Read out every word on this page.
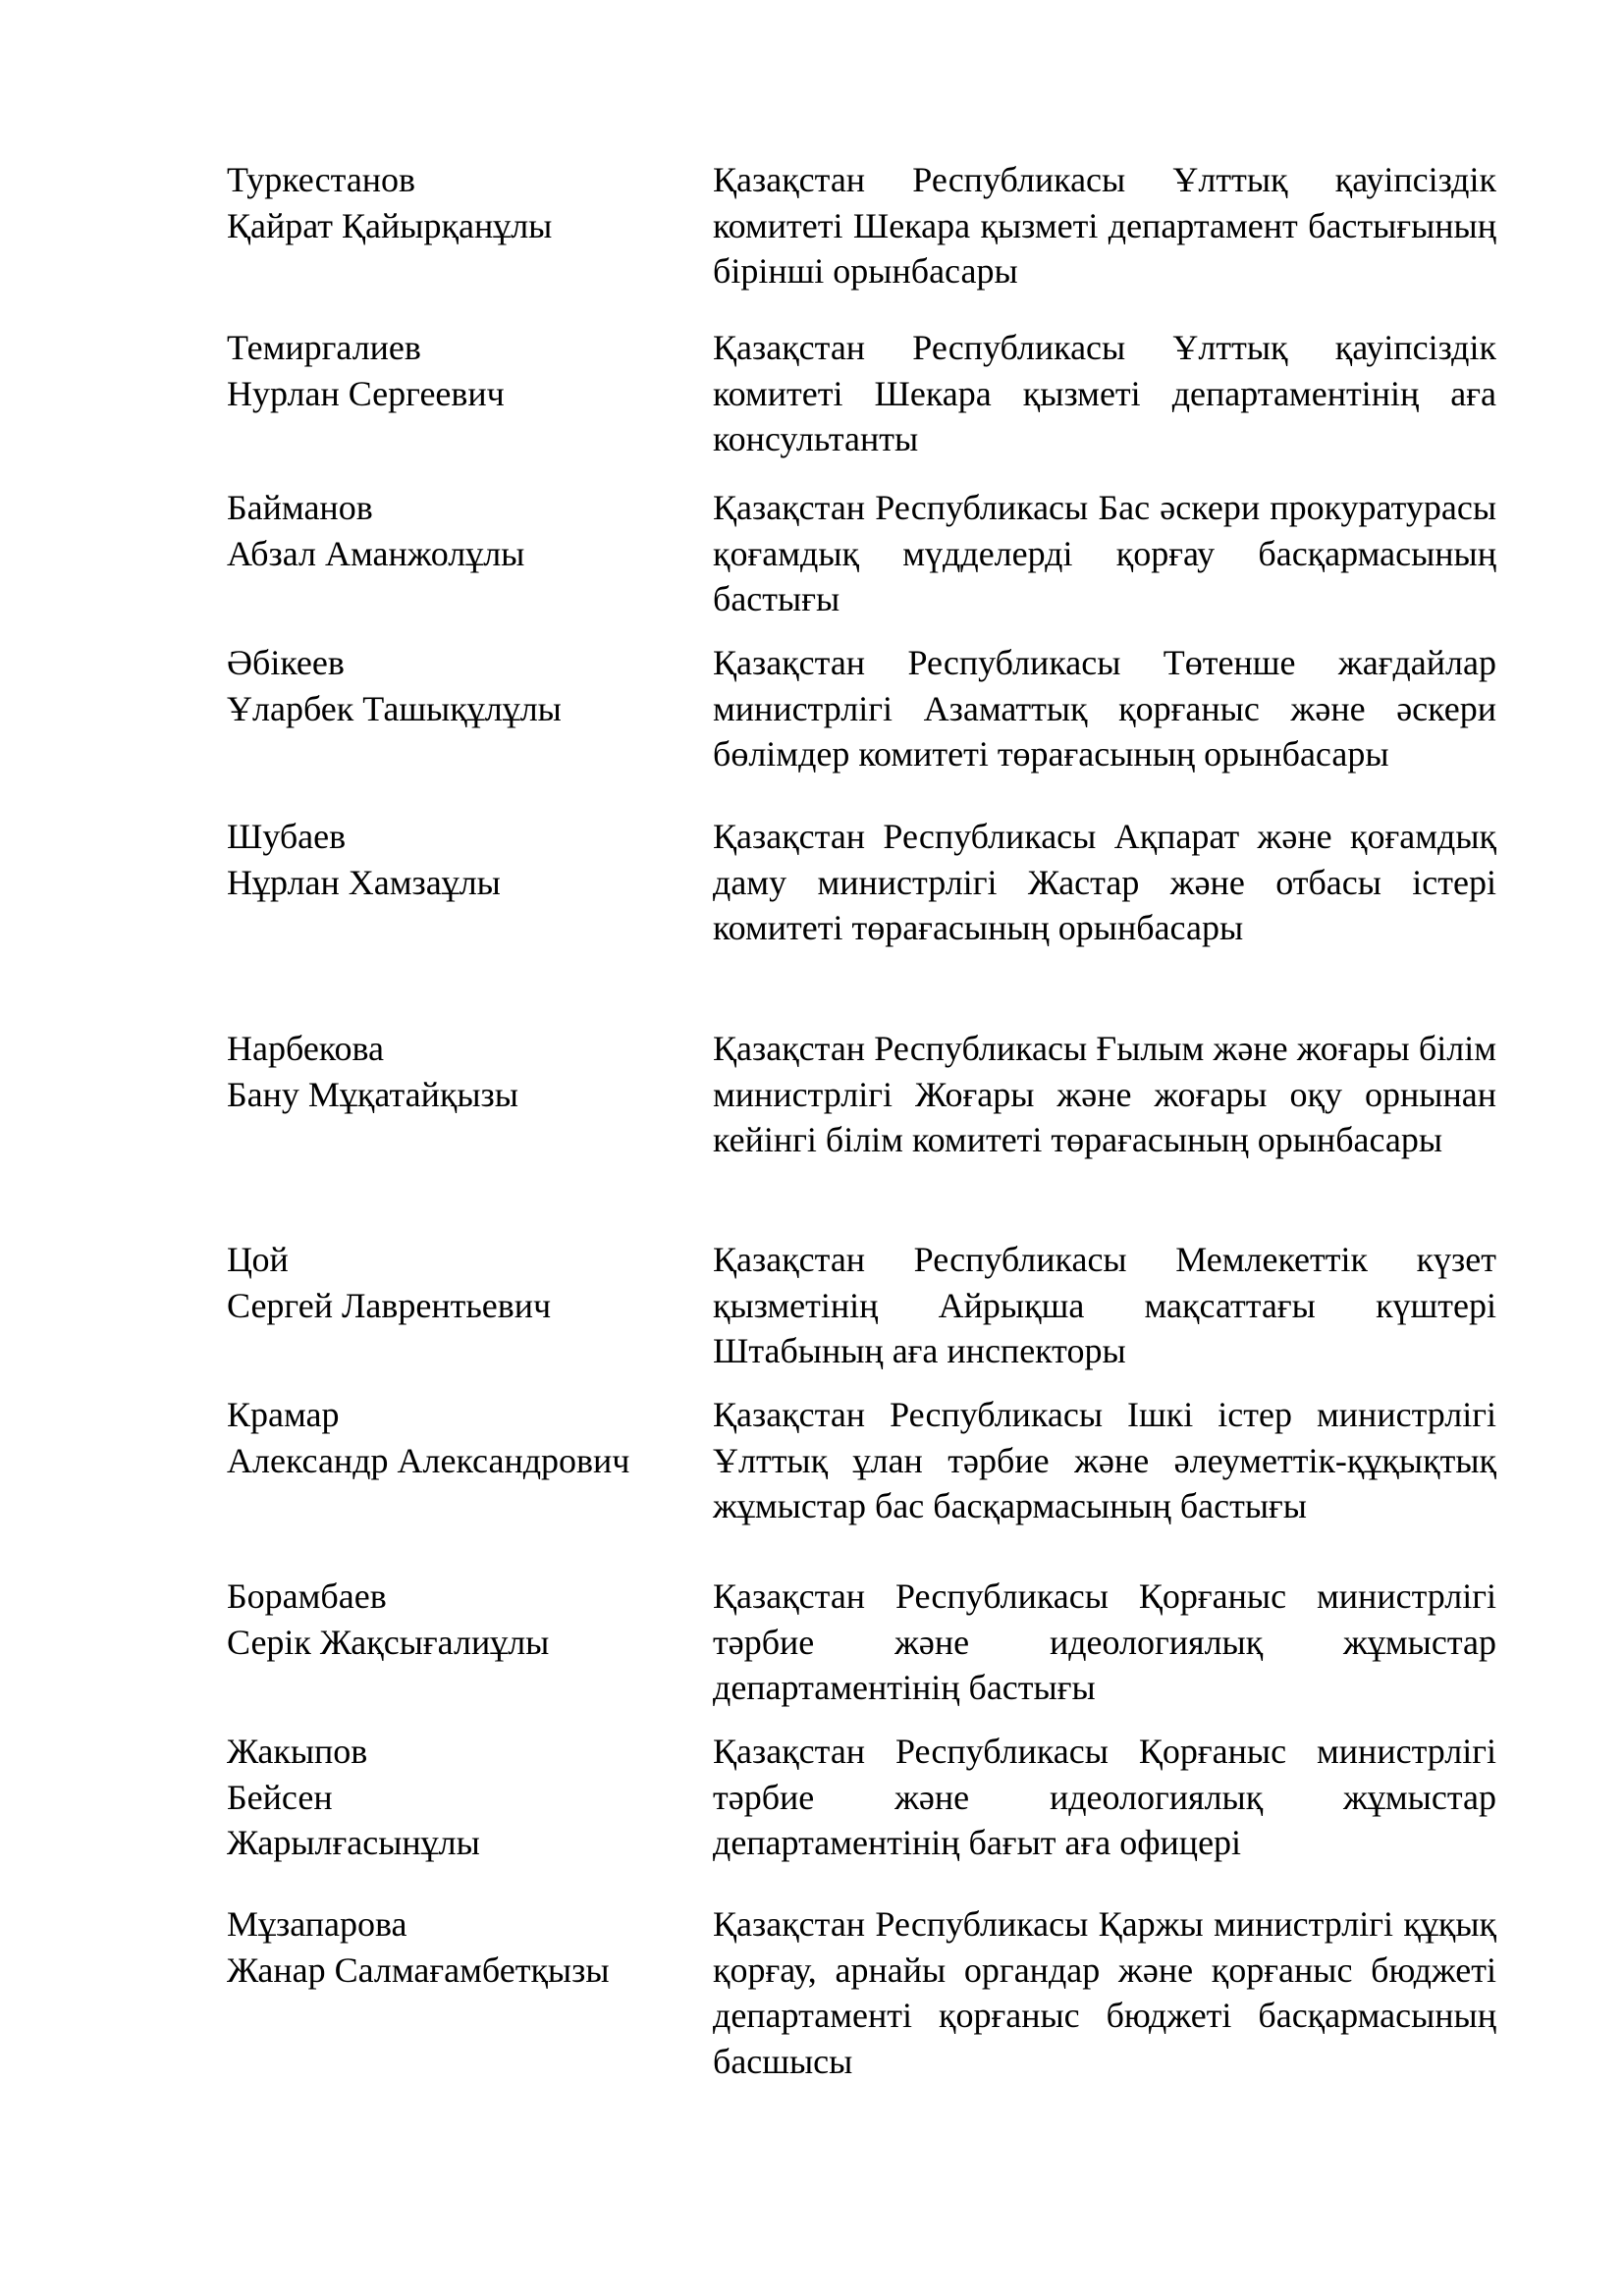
Туркестанов
Қайрат Қайырқанұлы
Қазақстан Республикасы Ұлттық қауіпсіздік комитеті Шекара қызметі департамент бастығының бірінші орынбасары
Темиргалиев
Нурлан Сергеевич
Қазақстан Республикасы Ұлттық қауіпсіздік комитеті Шекара қызметі департаментінің аға консультанты
Байманов
Абзал Аманжолұлы
Қазақстан Республикасы Бас әскери прокуратурасы қоғамдық мүдделерді қорғау басқармасының бастығы
Әбікеев
Ұларбек Ташықұлұлы
Қазақстан Республикасы Төтенше жағдайлар министрлігі Азаматтық қорғаныс және әскери бөлімдер комитеті төрағасының орынбасары
Шубаев
Нұрлан Хамзаұлы
Қазақстан Республикасы Ақпарат және қоғамдық даму министрлігі Жастар және отбасы істері комитеті төрағасының орынбасары
Нарбекова
Бану Мұқатайқызы
Қазақстан Республикасы Ғылым және жоғары білім министрлігі Жоғары және жоғары оқу орнынан кейінгі білім комитеті төрағасының орынбасары
Цой
Сергей Лаврентьевич
Қазақстан Республикасы Мемлекеттік күзет қызметінің Айрықша мақсаттағы күштері Штабының аға инспекторы
Крамар
Александр Александрович
Қазақстан Республикасы Ішкі істер министрлігі Ұлттық ұлан тәрбие және әлеуметтік-құқықтық жұмыстар бас басқармасының бастығы
Борамбаев
Серік Жақсығалиұлы
Қазақстан Республикасы Қорғаныс министрлігі тәрбие және идеологиялық жұмыстар департаментінің бастығы
Жакыпов
Бейсен
Жарылғасынұлы
Қазақстан Республикасы Қорғаныс министрлігі тәрбие және идеологиялық жұмыстар департаментінің бағыт аға офицері
Мұзапарова
Жанар Салмағамбетқызы
Қазақстан Республикасы Қаржы министрлігі құқық қорғау, арнайы органдар және қорғаныс бюджеті департаменті қорғаныс бюджеті басқармасының басшысы
